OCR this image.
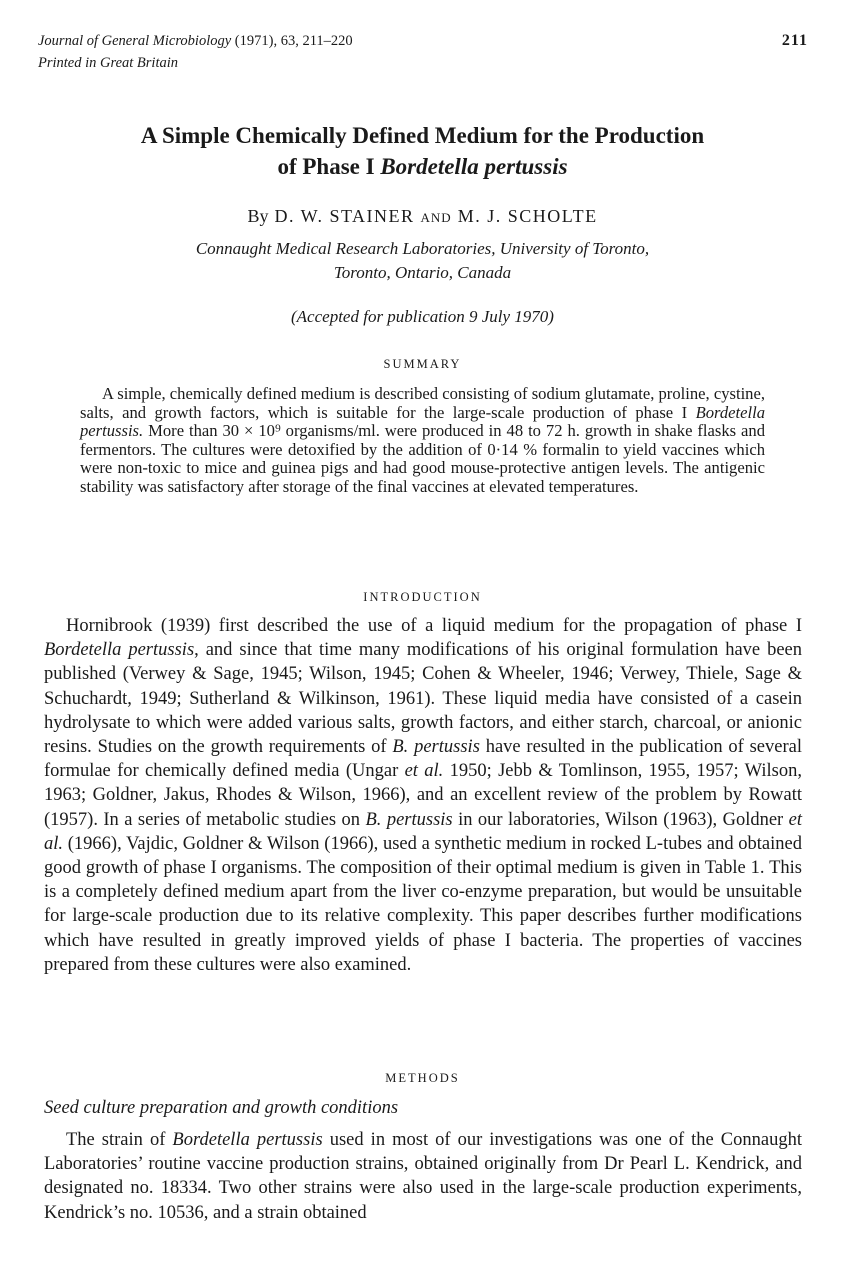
Journal of General Microbiology (1971), 63, 211–220
Printed in Great Britain
211
A Simple Chemically Defined Medium for the Production
of Phase I Bordetella pertussis
By D. W. STAINER AND M. J. SCHOLTE
Connaught Medical Research Laboratories, University of Toronto,
Toronto, Ontario, Canada
(Accepted for publication 9 July 1970)
SUMMARY

A simple, chemically defined medium is described consisting of sodium glutamate, proline, cystine, salts, and growth factors, which is suitable for the large-scale production of phase I Bordetella pertussis. More than 30 × 10⁹ organisms/ml. were produced in 48 to 72 h. growth in shake flasks and fermentors. The cultures were detoxified by the addition of 0·14 % formalin to yield vaccines which were non-toxic to mice and guinea pigs and had good mouse-protective antigen levels. The antigenic stability was satisfactory after storage of the final vaccines at elevated temperatures.

INTRODUCTION

Hornibrook (1939) first described the use of a liquid medium for the propagation of phase I Bordetella pertussis, and since that time many modifications of his original formulation have been published (Verwey & Sage, 1945; Wilson, 1945; Cohen & Wheeler, 1946; Verwey, Thiele, Sage & Schuchardt, 1949; Sutherland & Wilkinson, 1961). These liquid media have consisted of a casein hydrolysate to which were added various salts, growth factors, and either starch, charcoal, or anionic resins. Studies on the growth requirements of B. pertussis have resulted in the publication of several formulae for chemically defined media (Ungar et al. 1950; Jebb & Tomlinson, 1955, 1957; Wilson, 1963; Goldner, Jakus, Rhodes & Wilson, 1966), and an excellent review of the problem by Rowatt (1957). In a series of metabolic studies on B. pertussis in our laboratories, Wilson (1963), Goldner et al. (1966), Vajdic, Goldner & Wilson (1966), used a synthetic medium in rocked L-tubes and obtained good growth of phase I organisms. The composition of their optimal medium is given in Table 1. This is a completely defined medium apart from the liver co-enzyme preparation, but would be unsuitable for large-scale production due to its relative complexity. This paper describes further modifications which have resulted in greatly improved yields of phase I bacteria. The properties of vaccines prepared from these cultures were also examined.

METHODS
Seed culture preparation and growth conditions

The strain of Bordetella pertussis used in most of our investigations was one of the Connaught Laboratories’ routine vaccine production strains, obtained originally from Dr Pearl L. Kendrick, and designated no. 18334. Two other strains were also used in the large-scale production experiments, Kendrick’s no. 10536, and a strain obtained
